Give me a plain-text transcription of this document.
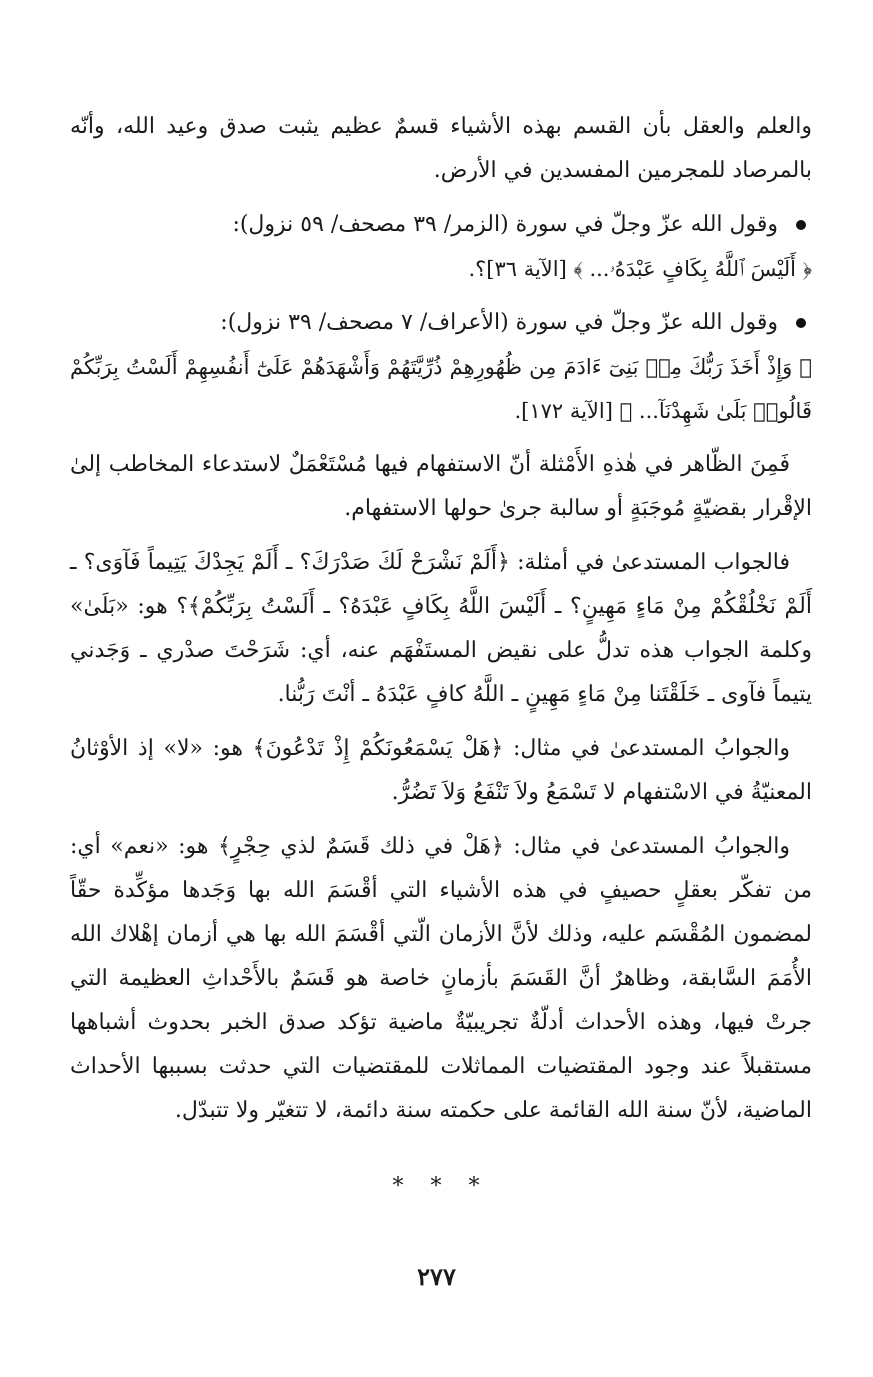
والعلم والعقل بأن القسم بهذه الأشياء قسمٌ عظيم يثبت صدق وعيد الله، وأنّه بالمرصاد للمجرمين المفسدين في الأرض.

وقول الله عزّ وجلّ في سورة (الزمر/ ٣٩ مصحف/ ٥٩ نزول):

﴿ أَلَيْسَ ٱللَّهُ بِكَافٍ عَبْدَهُۥ... ﴾ [الآية ٣٦]؟.

وقول الله عزّ وجلّ في سورة (الأعراف/ ٧ مصحف/ ٣٩ نزول):

﴿ وَإِذْ أَخَذَ رَبُّكَ مِنۢ بَنِىٓ ءَادَمَ مِن ظُهُورِهِمْ ذُرِّيَّتَهُمْ وَأَشْهَدَهُمْ عَلَىٰٓ أَنفُسِهِمْ أَلَسْتُ بِرَبِّكُمْ قَالُوا۟ بَلَىٰ شَهِدْنَآ... ﴾ [الآية ١٧٢].

فَمِنَ الظّاهر في هٰذهِ الأَمْثلة أنّ الاستفهام فيها مُسْتَعْمَلٌ لاستدعاء المخاطب إلىٰ الإقْرار بقضيّةٍ مُوجَبَةٍ أو سالبة جرىٰ حولها الاستفهام.

فالجواب المستدعىٰ في أمثلة: ﴿أَلَمْ نَشْرَحْ لَكَ صَدْرَكَ؟ ـ أَلَمْ يَجِدْكَ يَتِيماً فَآوَى؟ ـ أَلَمْ نَخْلُقْكُمْ مِنْ مَاءٍ مَهِينٍ؟ ـ أَلَيْسَ اللَّهُ بِكَافٍ عَبْدَهُ؟ ـ أَلَسْتُ بِرَبِّكُمْ﴾؟ هو: «بَلَىٰ» وكلمة الجواب هذه تدلُّ على نقيض المستَفْهَم عنه، أي: شَرَحْتَ صدْري ـ وَجَدني يتيماً فآوى ـ خَلَقْتَنا مِنْ مَاءٍ مَهِينٍ ـ اللَّهُ كافٍ عَبْدَهُ ـ أنْتَ رَبُّنا.

والجوابُ المستدعىٰ في مثال: ﴿هَلْ يَسْمَعُونَكُمْ إِذْ تَدْعُونَ﴾ هو: «لا» إذ الأوْثانُ المعنيّةُ في الاسْتفهام لا تَسْمَعُ ولاَ تَنْفَعُ وَلاَ تَضُرُّ.

والجوابُ المستدعىٰ في مثال: ﴿هَلْ في ذلك قَسَمٌ لذي حِجْرٍ﴾ هو: «نعم» أي: من تفكّر بعقلٍ حصيفٍ في هذه الأشياء التي أقْسَمَ الله بها وَجَدها مؤكِّدة حقّاً لمضمون المُقْسَم عليه، وذلك لأنَّ الأزمان الّتي أقْسَمَ الله بها هي أزمان إهْلاك الله الأُمَمَ السَّابقة، وظاهرٌ أنَّ القَسَمَ بأزمانٍ خاصة هو قَسَمٌ بالأَحْداثِ العظيمة التي جرتْ فيها، وهذه الأحداث أدلّةٌ تجريبيّةٌ ماضية تؤكد صدق الخبر بحدوث أشباهها مستقبلاً عند وجود المقتضيات المماثلات للمقتضيات التي حدثت بسببها الأحداث الماضية، لأنّ سنة الله القائمة على حكمته سنة دائمة، لا تتغيّر ولا تتبدّل.

* * *
٢٧٧
